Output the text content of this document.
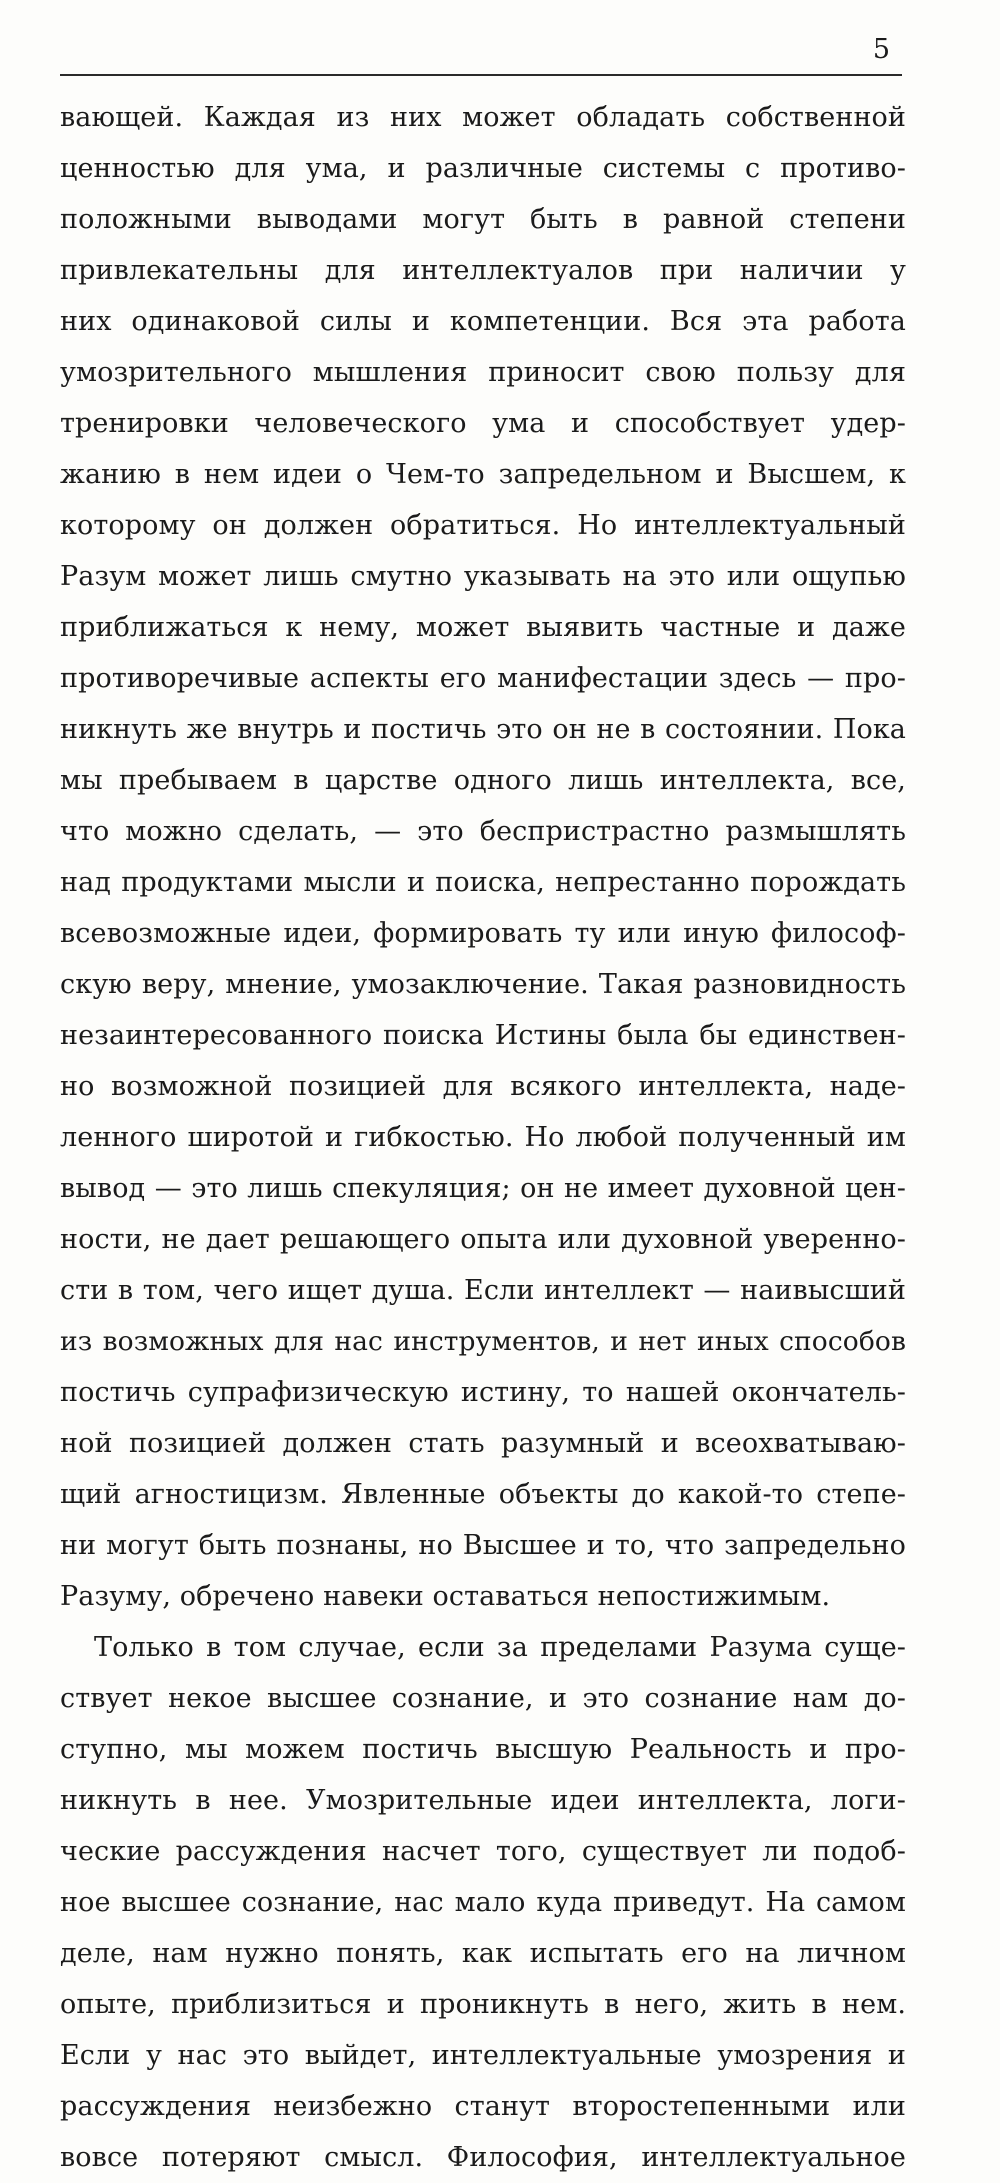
5
вающей. Каждая из них может обладать собственной
ценностью для ума, и различные системы с противо-
положными выводами могут быть в равной степени
привлекательны для интеллектуалов при наличии у
них одинаковой силы и компетенции. Вся эта работа
умозрительного мышления приносит свою пользу для
тренировки человеческого ума и способствует удер-
жанию в нем идеи о Чем-то запредельном и Высшем, к
которому он должен обратиться. Но интеллектуальный
Разум может лишь смутно указывать на это или ощупью
приближаться к нему, может выявить частные и даже
противоречивые аспекты его манифестации здесь — про-
никнуть же внутрь и постичь это он не в состоянии. Пока
мы пребываем в царстве одного лишь интеллекта, все,
что можно сделать, — это беспристрастно размышлять
над продуктами мысли и поиска, непрестанно порождать
всевозможные идеи, формировать ту или иную философ-
скую веру, мнение, умозаключение. Такая разновидность
незаинтересованного поиска Истины была бы единствен-
но возможной позицией для всякого интеллекта, наде-
ленного широтой и гибкостью. Но любой полученный им
вывод — это лишь спекуляция; он не имеет духовной цен-
ности, не дает решающего опыта или духовной уверенно-
сти в том, чего ищет душа. Если интеллект — наивысший
из возможных для нас инструментов, и нет иных способов
постичь супрафизическую истину, то нашей окончатель-
ной позицией должен стать разумный и всеохватываю-
щий агностицизм. Явленные объекты до какой-то степе-
ни могут быть познаны, но Высшее и то, что запредельно
Разуму, обречено навеки оставаться непостижимым.
Только в том случае, если за пределами Разума суще-
ствует некое высшее сознание, и это сознание нам до-
ступно, мы можем постичь высшую Реальность и про-
никнуть в нее. Умозрительные идеи интеллекта, логи-
ческие рассуждения насчет того, существует ли подоб-
ное высшее сознание, нас мало куда приведут. На самом
деле, нам нужно понять, как испытать его на личном
опыте, приблизиться и проникнуть в него, жить в нем.
Если у нас это выйдет, интеллектуальные умозрения и
рассуждения неизбежно станут второстепенными или
вовсе потеряют смысл. Философия, интеллектуальное
